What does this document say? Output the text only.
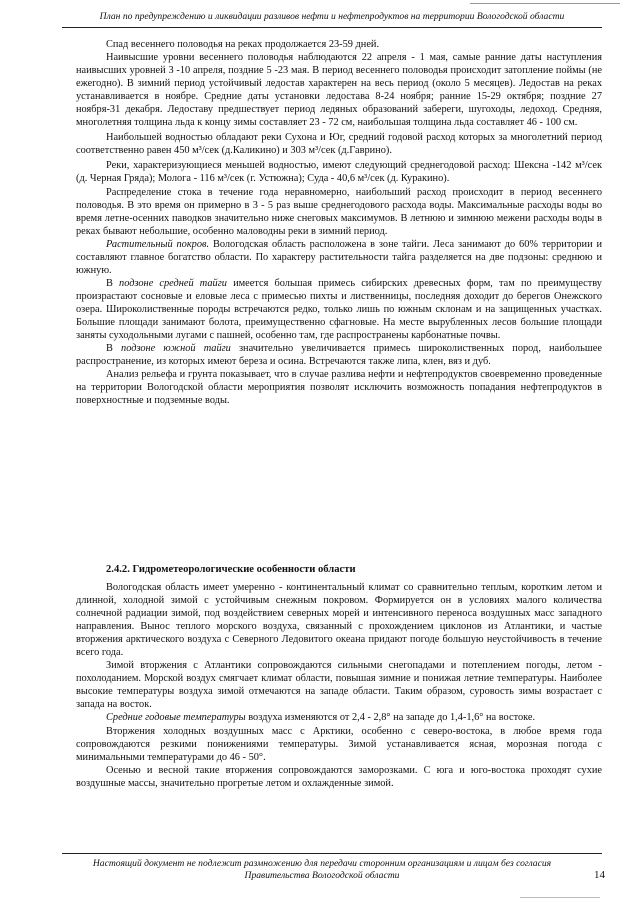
План по предупреждению и ликвидации разливов нефти и нефтепродуктов на территории Вологодской области

Спад весеннего половодья на реках продолжается 23-59 дней.

Наивысшие уровни весеннего половодья наблюдаются 22 апреля - 1 мая, самые ранние даты наступления наивысших уровней 3 -10 апреля, поздние 5 -23 мая. В период весеннего половодья происходит затопление поймы (не ежегодно). В зимний период устойчивый ледостав характерен на весь период (около 5 месяцев). Ледостав на реках устанавливается в ноябре. Средние даты установки ледостава 8-24 ноября; ранние 15-29 октября; поздние 27 ноября-31 декабря. Ледоставу предшествует период ледяных образований забереги, шугоходы, ледоход. Средняя, многолетняя толщина льда к концу зимы составляет 23 - 72 см, наибольшая толщина льда составляет 46 - 100 см.

Наибольшей водностью обладают реки Сухона и Юг, средний годовой расход которых за многолетний период соответственно равен 450 м³/сек (д.Каликино) и 303 м³/сек (д.Гаврино).

Реки, характеризующиеся меньшей водностью, имеют следующий среднегодовой расход: Шексна -142 м³/сек (д. Черная Гряда); Молога - 116 м³/сек (г. Устюжна); Суда - 40,6 м³/сек (д. Куракино).

Распределение стока в течение года неравномерно, наибольший расход происходит в период весеннего половодья. В это время он примерно в 3 - 5 раз выше среднегодового расхода воды. Максимальные расходы воды во время летне-осенних паводков значительно ниже снеговых максимумов. В летнюю и зимнюю межени расходы воды в реках бывают небольшие, особенно маловодны реки в зимний период.

Растительный покров. Вологодская область расположена в зоне тайги. Леса занимают до 60% территории и составляют главное богатство области. По характеру растительности тайга разделяется на две подзоны: среднюю и южную.

В подзоне средней тайги имеется большая примесь сибирских древесных форм, там по преимуществу произрастают сосновые и еловые леса с примесью пихты и лиственницы, последняя доходит до берегов Онежского озера. Широколиственные породы встречаются редко, только лишь по южным склонам и на защищенных участках. Большие площади занимают болота, преимущественно сфагновые. На месте вырубленных лесов большие площади заняты суходольными лугами с пашней, особенно там, где распространены карбонатные почвы.

В подзоне южной тайги значительно увеличивается примесь широколиственных пород, наибольшее распространение, из которых имеют береза и осина. Встречаются также липа, клен, вяз и дуб.

Анализ рельефа и грунта показывает, что в случае разлива нефти и нефтепродуктов своевременно проведенные на территории Вологодской области мероприятия позволят исключить возможность попадания нефтепродуктов в поверхностные и подземные воды.

2.4.2. Гидрометеорологические особенности области

Вологодская область имеет умеренно - континентальный климат со сравнительно теплым, коротким летом и длинной, холодной зимой с устойчивым снежным покровом. Формируется он в условиях малого количества солнечной радиации зимой, под воздействием северных морей и интенсивного переноса воздушных масс западного направления. Вынос теплого морского воздуха, связанный с прохождением циклонов из Атлантики, и частые вторжения арктического воздуха с Северного Ледовитого океана придают погоде большую неустойчивость в течение всего года.

Зимой вторжения с Атлантики сопровождаются сильными снегопадами и потеплением погоды, летом - похолоданием. Морской воздух смягчает климат области, повышая зимние и понижая летние температуры. Наиболее высокие температуры воздуха зимой отмечаются на западе области. Таким образом, суровость зимы возрастает с запада на восток.

Средние годовые температуры воздуха изменяются от 2,4 - 2,8° на западе до 1,4-1,6° на востоке.

Вторжения холодных воздушных масс с Арктики, особенно с северо-востока, в любое время года сопровождаются резкими понижениями температуры. Зимой устанавливается ясная, морозная погода с минимальными температурами до 46 - 50°.

Осенью и весной такие вторжения сопровождаются заморозками. С юга и юго-востока проходят сухие воздушные массы, значительно прогретые летом и охлажденные зимой.

Настоящий документ не подлежит размножению для передачи сторонним организациям и лицам без согласия Правительства Вологодской области	14
